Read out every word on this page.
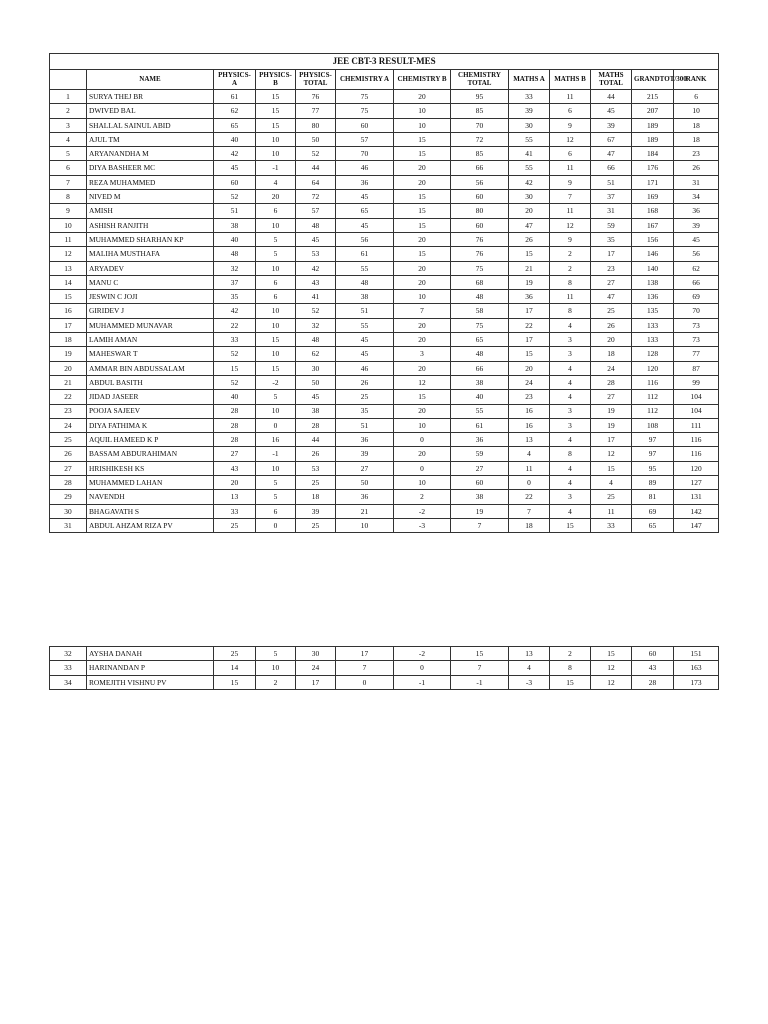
JEE CBT-3 RESULT-MES												
	NAME	PHYSICS-A	PHYSICS-B	PHYSICS-TOTAL	CHEMISTRY A	CHEMISTRY B	CHEMISTRY TOTAL	MATHS A	MATHS B	MATHS TOTAL	GRANDTOT/300	RANK
1	SURYA THEJ BR	61	15	76	75	20	95	33	11	44	215	6
2	DWIVED BAL	62	15	77	75	10	85	39	6	45	207	10
3	SHALLAL SAINUL ABID	65	15	80	60	10	70	30	9	39	189	18
4	AJUL TM	40	10	50	57	15	72	55	12	67	189	18
5	ARYANANDHA M	42	10	52	70	15	85	41	6	47	184	23
6	DIYA BASHEER MC	45	-1	44	46	20	66	55	11	66	176	26
7	REZA MUHAMMED	60	4	64	36	20	56	42	9	51	171	31
8	NIVED M	52	20	72	45	15	60	30	7	37	169	34
9	AMISH	51	6	57	65	15	80	20	11	31	168	36
10	ASHISH RANJITH	38	10	48	45	15	60	47	12	59	167	39
11	MUHAMMED SHARHAN KP	40	5	45	56	20	76	26	9	35	156	45
12	MALIHA MUSTHAFA	48	5	53	61	15	76	15	2	17	146	56
13	ARYADEV	32	10	42	55	20	75	21	2	23	140	62
14	MANU C	37	6	43	48	20	68	19	8	27	138	66
15	JESWIN C JOJI	35	6	41	38	10	48	36	11	47	136	69
16	GIRIDEV J	42	10	52	51	7	58	17	8	25	135	70
17	MUHAMMED MUNAVAR	22	10	32	55	20	75	22	4	26	133	73
18	LAMIH AMAN	33	15	48	45	20	65	17	3	20	133	73
19	MAHESWAR T	52	10	62	45	3	48	15	3	18	128	77
20	AMMAR BIN ABDUSSALAM	15	15	30	46	20	66	20	4	24	120	87
21	ABDUL BASITH	52	-2	50	26	12	38	24	4	28	116	99
22	JIDAD JASEER	40	5	45	25	15	40	23	4	27	112	104
23	POOJA SAJEEV	28	10	38	35	20	55	16	3	19	112	104
24	DIYA FATHIMA K	28	0	28	51	10	61	16	3	19	108	111
25	AQUIL HAMEED K P	28	16	44	36	0	36	13	4	17	97	116
26	BASSAM ABDURAHIMAN	27	-1	26	39	20	59	4	8	12	97	116
27	HRISHIKESH KS	43	10	53	27	0	27	11	4	15	95	120
28	MUHAMMED LAHAN	20	5	25	50	10	60	0	4	4	89	127
29	NAVENDH	13	5	18	36	2	38	22	3	25	81	131
30	BHAGAVATH S	33	6	39	21	-2	19	7	4	11	69	142
31	ABDUL AHZAM RIZA PV	25	0	25	10	-3	7	18	15	33	65	147
32	AYSHA DANAH	25	5	30	17	-2	15	13	2	15	60	151
33	HARINANDAN P	14	10	24	7	0	7	4	8	12	43	163
34	ROMEJITH VISHNU PV	15	2	17	0	-1	-1	-3	15	12	28	173
